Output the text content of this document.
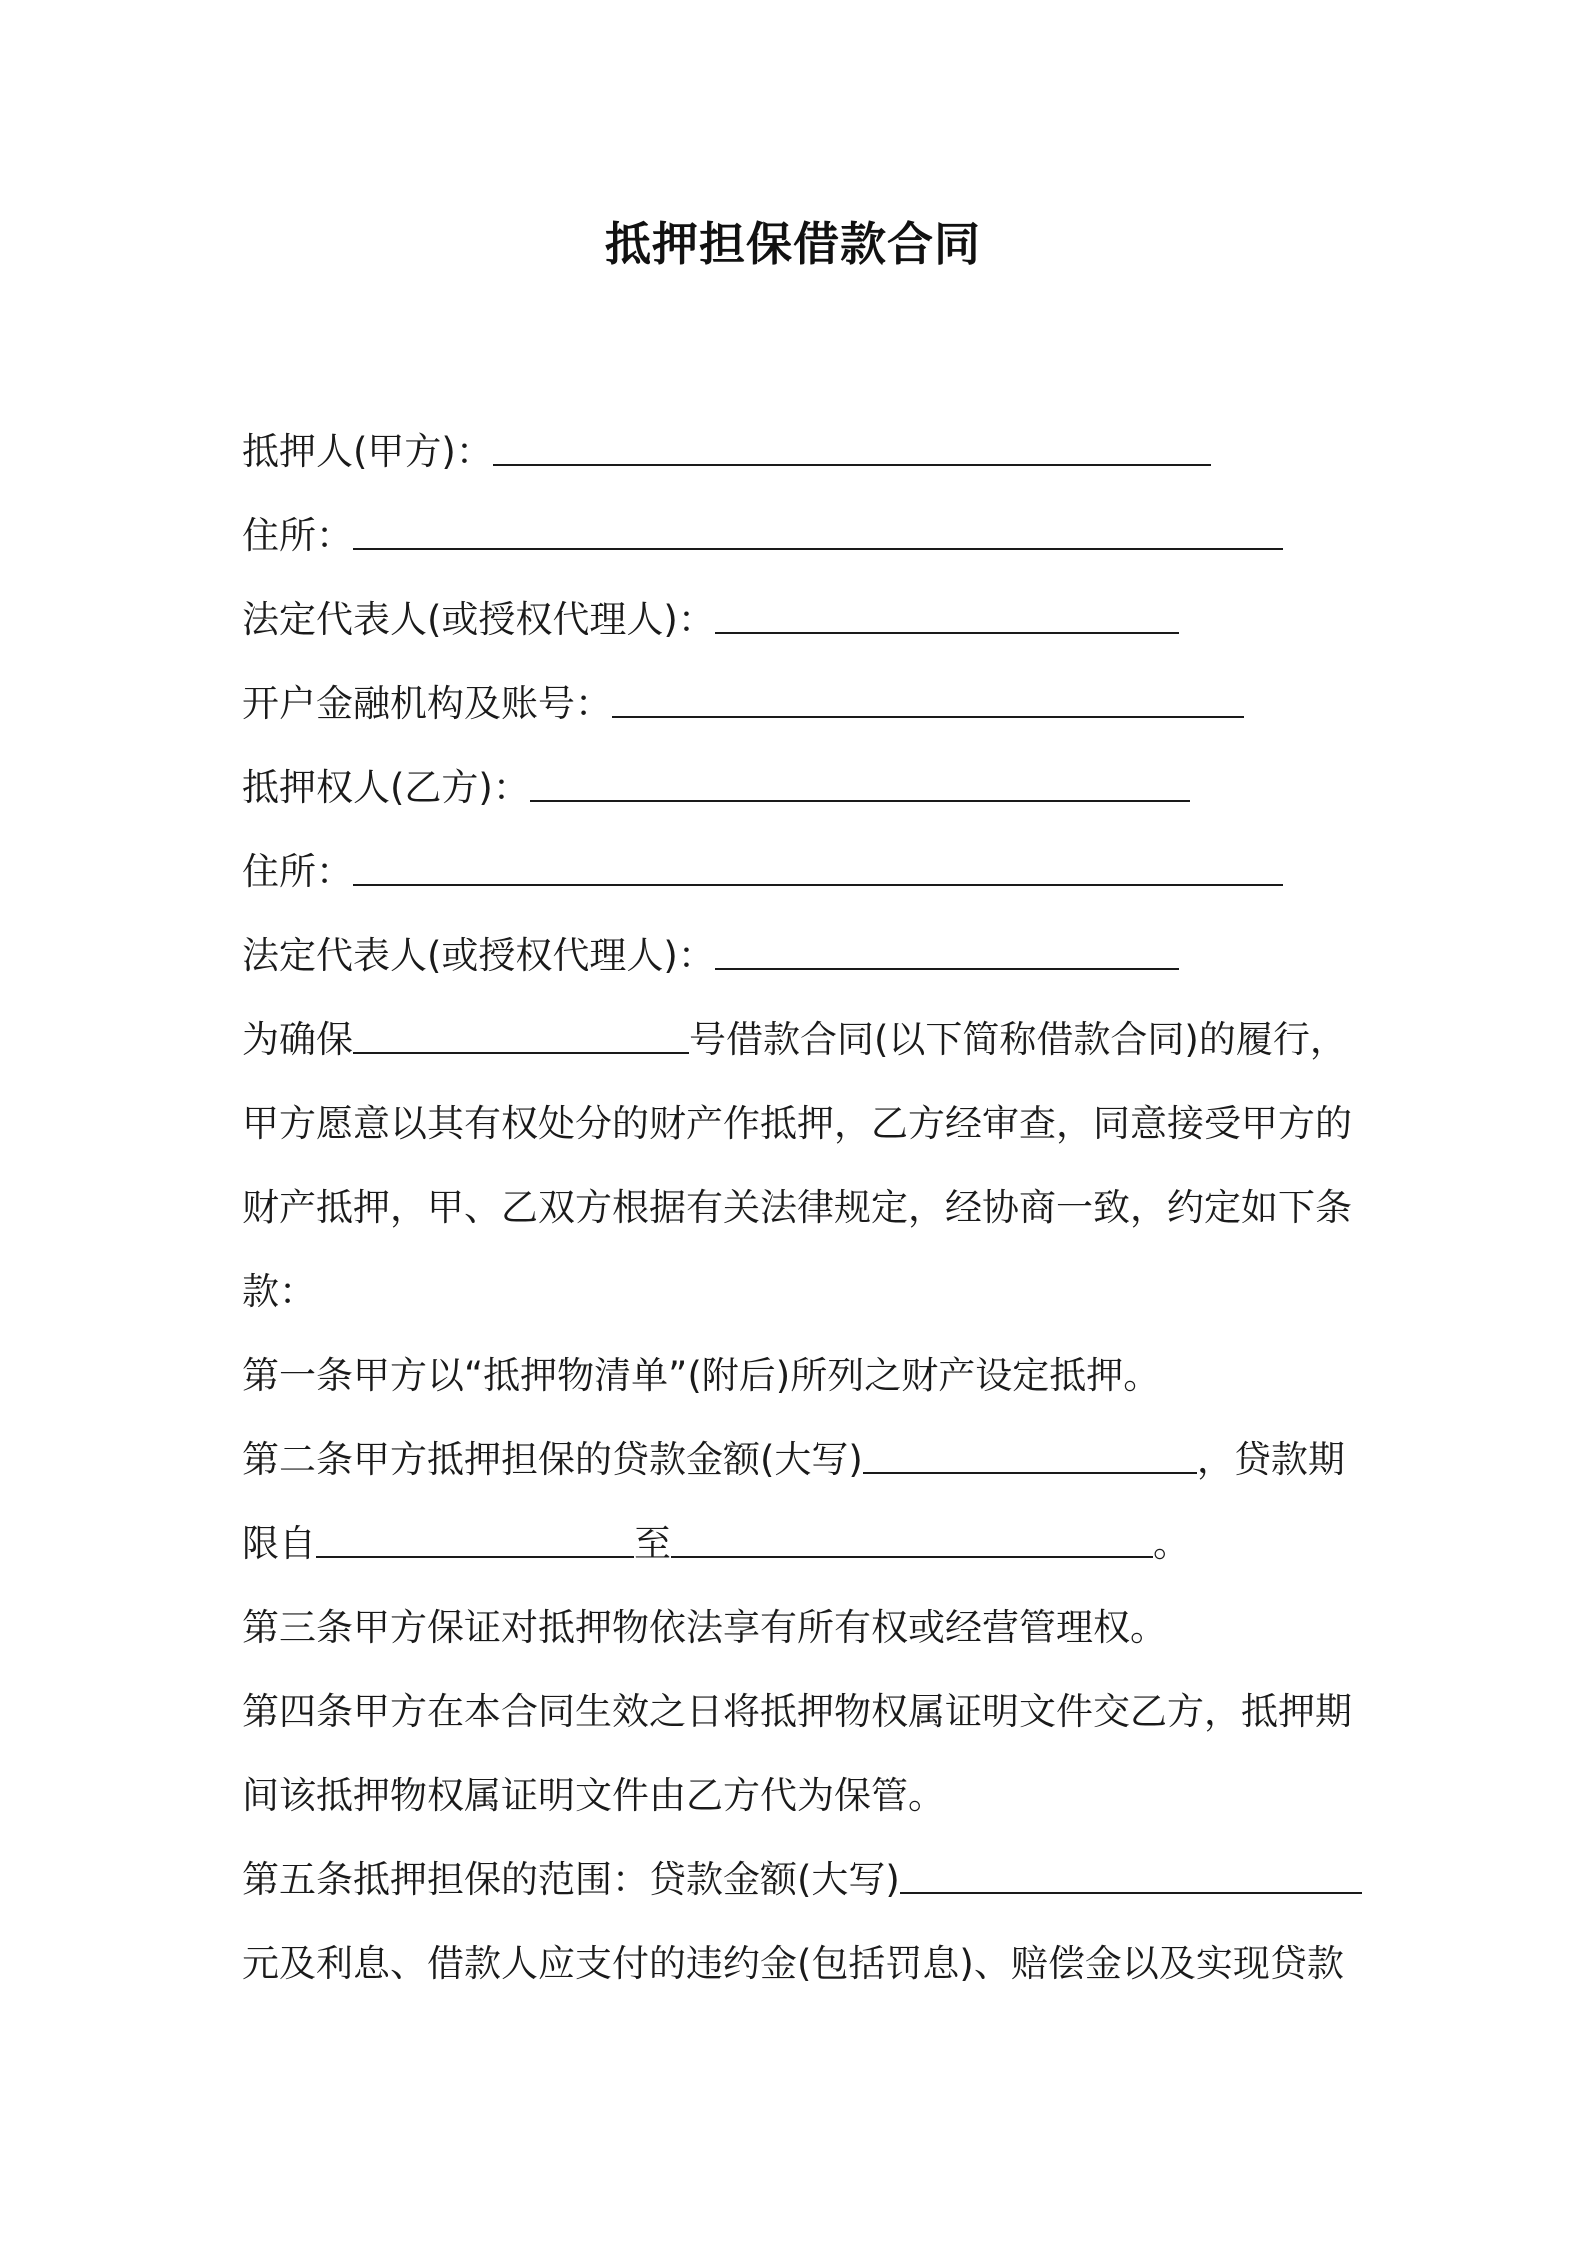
抵押担保借款合同
抵押人(甲方)：
住所：
法定代表人(或授权代理人)：
开户金融机构及账号：
抵押权人(乙方)：
住所：
法定代表人(或授权代理人)：
为确保	号借款合同(以下简称借款合同)的履行，
甲方愿意以其有权处分的财产作抵押，乙方经审查，同意接受甲方的
财产抵押，甲、乙双方根据有关法律规定，经协商一致，约定如下条
款：
第一条甲方以“抵押物清单”(附后)所列之财产设定抵押。
第二条甲方抵押担保的贷款金额(大写)	，贷款期
限自	至	。
第三条甲方保证对抵押物依法享有所有权或经营管理权。
第四条甲方在本合同生效之日将抵押物权属证明文件交乙方，抵押期
间该抵押物权属证明文件由乙方代为保管。
第五条抵押担保的范围：贷款金额(大写)
元及利息、借款人应支付的违约金(包括罚息)、赔偿金以及实现贷款
